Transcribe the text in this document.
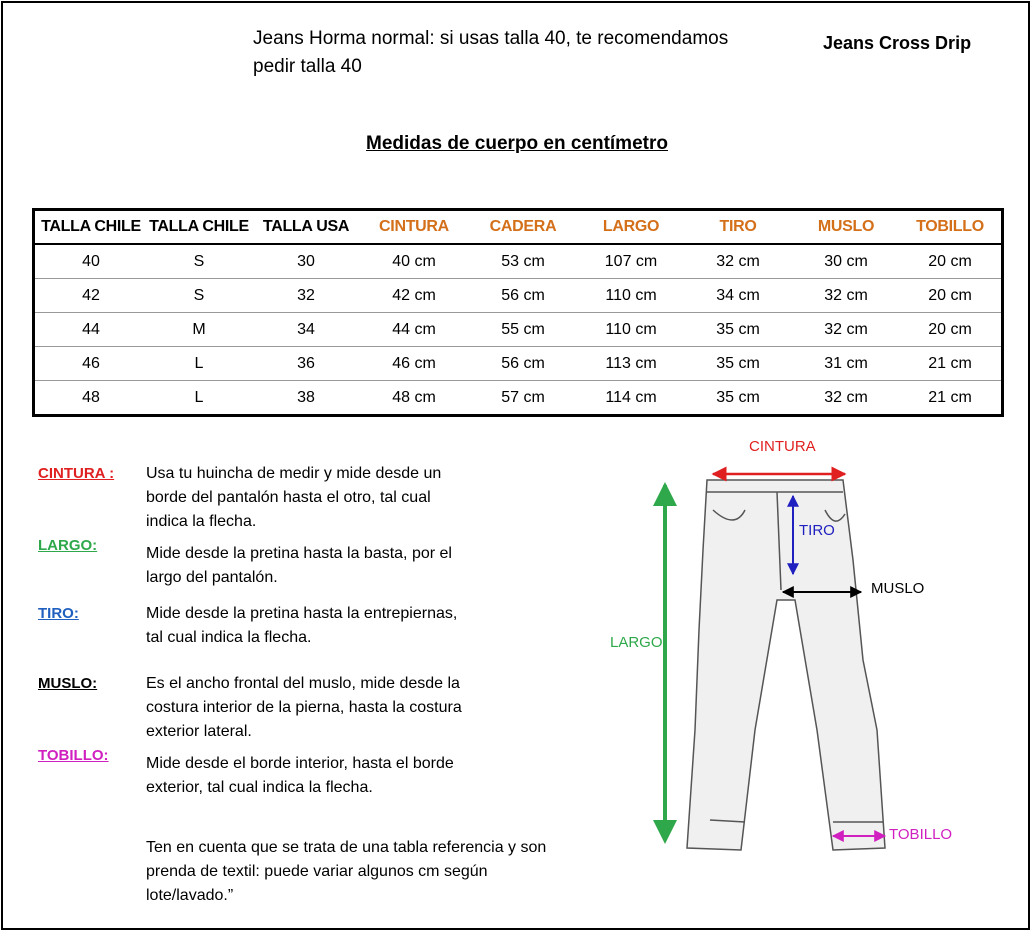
Jeans Horma normal: si usas talla 40, te recomendamos pedir talla 40
Jeans Cross Drip
Medidas de cuerpo en centímetro
TALLA CHILE	TALLA CHILE	TALLA USA	CINTURA	CADERA	LARGO	TIRO	MUSLO	TOBILLO
40	S	30	40 cm	53 cm	107 cm	32 cm	30 cm	20 cm
42	S	32	42 cm	56 cm	110 cm	34 cm	32 cm	20 cm
44	M	34	44 cm	55 cm	110 cm	35 cm	32 cm	20 cm
46	L	36	46 cm	56 cm	113 cm	35 cm	31 cm	21 cm
48	L	38	48 cm	57 cm	114 cm	35 cm	32 cm	21 cm
CINTURA : Usa tu huincha de medir y mide desde un borde del pantalón hasta el otro, tal cual indica la flecha.
LARGO:	Mide desde la pretina hasta la basta, por el largo del pantalón.
TIRO:	Mide desde la pretina hasta la entrepiernas, tal cual indica la flecha.
MUSLO:	Es el ancho frontal del muslo, mide desde la costura interior de la pierna, hasta la costura exterior lateral.
TOBILLO: Mide desde el borde interior, hasta el borde exterior, tal cual indica la flecha.
Ten en cuenta que se trata de una tabla referencia y son prenda de textil: puede variar algunos cm según lote/lavado.”
CINTURA
TIRO
MUSLO
LARGO
TOBILLO
